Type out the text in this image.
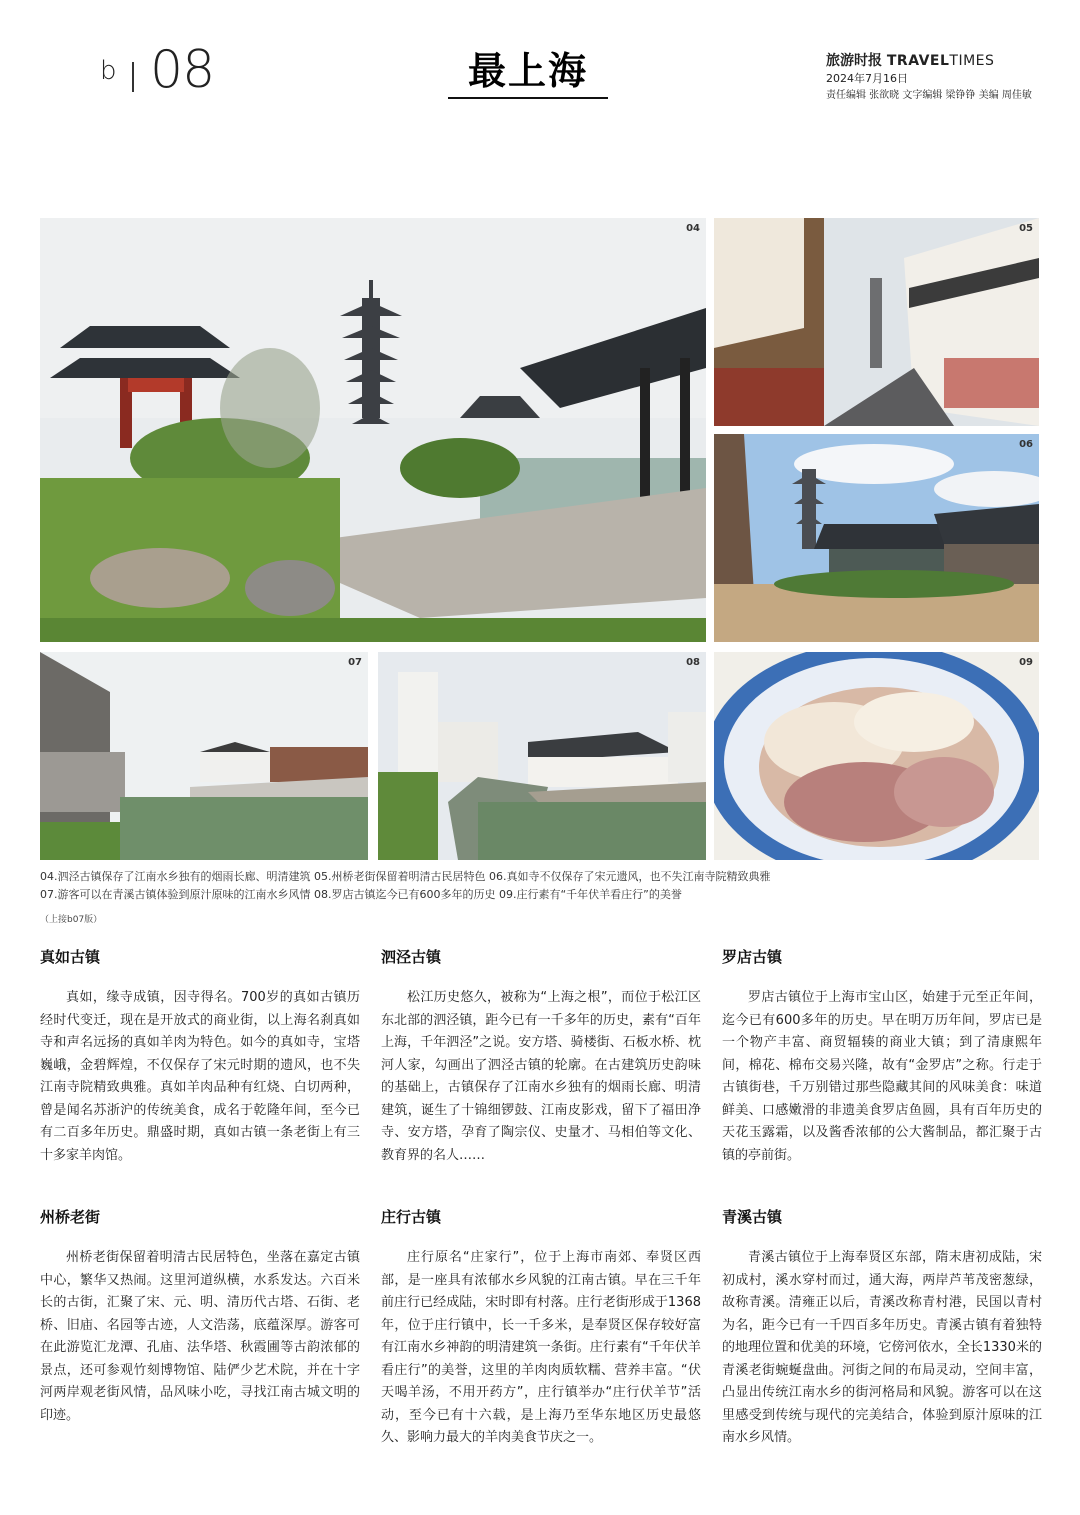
b 08	最上海	旅游时报 TRAVELTIMES
2024年7月16日
责任编辑 张欲晓 文字编辑 梁铮铮 美编 周佳敏
04	05
06
07	08	09
04.泗泾古镇保存了江南水乡独有的烟雨长廊、明清建筑 05.州桥老街保留着明清古民居特色 06.真如寺不仅保存了宋元遗风，也不失江南寺院精致典雅
07.游客可以在青溪古镇体验到原汁原味的江南水乡风情 08.罗店古镇迄今已有600多年的历史 09.庄行素有“千年伏羊看庄行”的美誉
（上接b07版）
真如古镇

真如，缘寺成镇，因寺得名。700岁的真如古镇历经时代变迁，现在是开放式的商业街，以上海名刹真如寺和声名远扬的真如羊肉为特色。如今的真如寺，宝塔巍峨，金碧辉煌，不仅保存了宋元时期的遗风，也不失江南寺院精致典雅。真如羊肉品种有红烧、白切两种，曾是闻名苏浙沪的传统美食，成名于乾隆年间，至今已有二百多年历史。鼎盛时期，真如古镇一条老街上有三十多家羊肉馆。

泗泾古镇

松江历史悠久，被称为“上海之根”，而位于松江区东北部的泗泾镇，距今已有一千多年的历史，素有“百年上海，千年泗泾”之说。安方塔、骑楼街、石板水桥、枕河人家，勾画出了泗泾古镇的轮廓。在古建筑历史韵味的基础上，古镇保存了江南水乡独有的烟雨长廊、明清建筑，诞生了十锦细锣鼓、江南皮影戏，留下了福田净寺、安方塔，孕育了陶宗仪、史量才、马相伯等文化、教育界的名人……

罗店古镇

罗店古镇位于上海市宝山区，始建于元至正年间，迄今已有600多年的历史。早在明万历年间，罗店已是一个物产丰富、商贸辐辏的商业大镇；到了清康熙年间，棉花、棉布交易兴隆，故有“金罗店”之称。行走于古镇街巷，千万别错过那些隐藏其间的风味美食：味道鲜美、口感嫩滑的非遗美食罗店鱼圆，具有百年历史的天花玉露霜，以及酱香浓郁的公大酱制品，都汇聚于古镇的亭前街。

州桥老街

州桥老街保留着明清古民居特色，坐落在嘉定古镇中心，繁华又热闹。这里河道纵横，水系发达。六百米长的古街，汇聚了宋、元、明、清历代古塔、石街、老桥、旧庙、名园等古迹，人文浩荡，底蕴深厚。游客可在此游览汇龙潭、孔庙、法华塔、秋霞圃等古韵浓郁的景点，还可参观竹刻博物馆、陆俨少艺术院，并在十字河两岸观老街风情，品风味小吃，寻找江南古城文明的印迹。

庄行古镇

庄行原名“庄家行”，位于上海市南郊、奉贤区西部，是一座具有浓郁水乡风貌的江南古镇。早在三千年前庄行已经成陆，宋时即有村落。庄行老街形成于1368年，位于庄行镇中，长一千多米，是奉贤区保存较好富有江南水乡神韵的明清建筑一条街。庄行素有“千年伏羊看庄行”的美誉，这里的羊肉肉质软糯、营养丰富。“伏天喝羊汤，不用开药方”，庄行镇举办“庄行伏羊节”活动，至今已有十六载，是上海乃至华东地区历史最悠久、影响力最大的羊肉美食节庆之一。

青溪古镇

青溪古镇位于上海奉贤区东部，隋末唐初成陆，宋初成村，溪水穿村而过，通大海，两岸芦苇茂密葱绿，故称青溪。清雍正以后，青溪改称青村港，民国以青村为名，距今已有一千四百多年历史。青溪古镇有着独特的地理位置和优美的环境，它傍河依水，全长1330米的青溪老街蜿蜒盘曲。河街之间的布局灵动，空间丰富，凸显出传统江南水乡的街河格局和风貌。游客可以在这里感受到传统与现代的完美结合，体验到原汁原味的江南水乡风情。
